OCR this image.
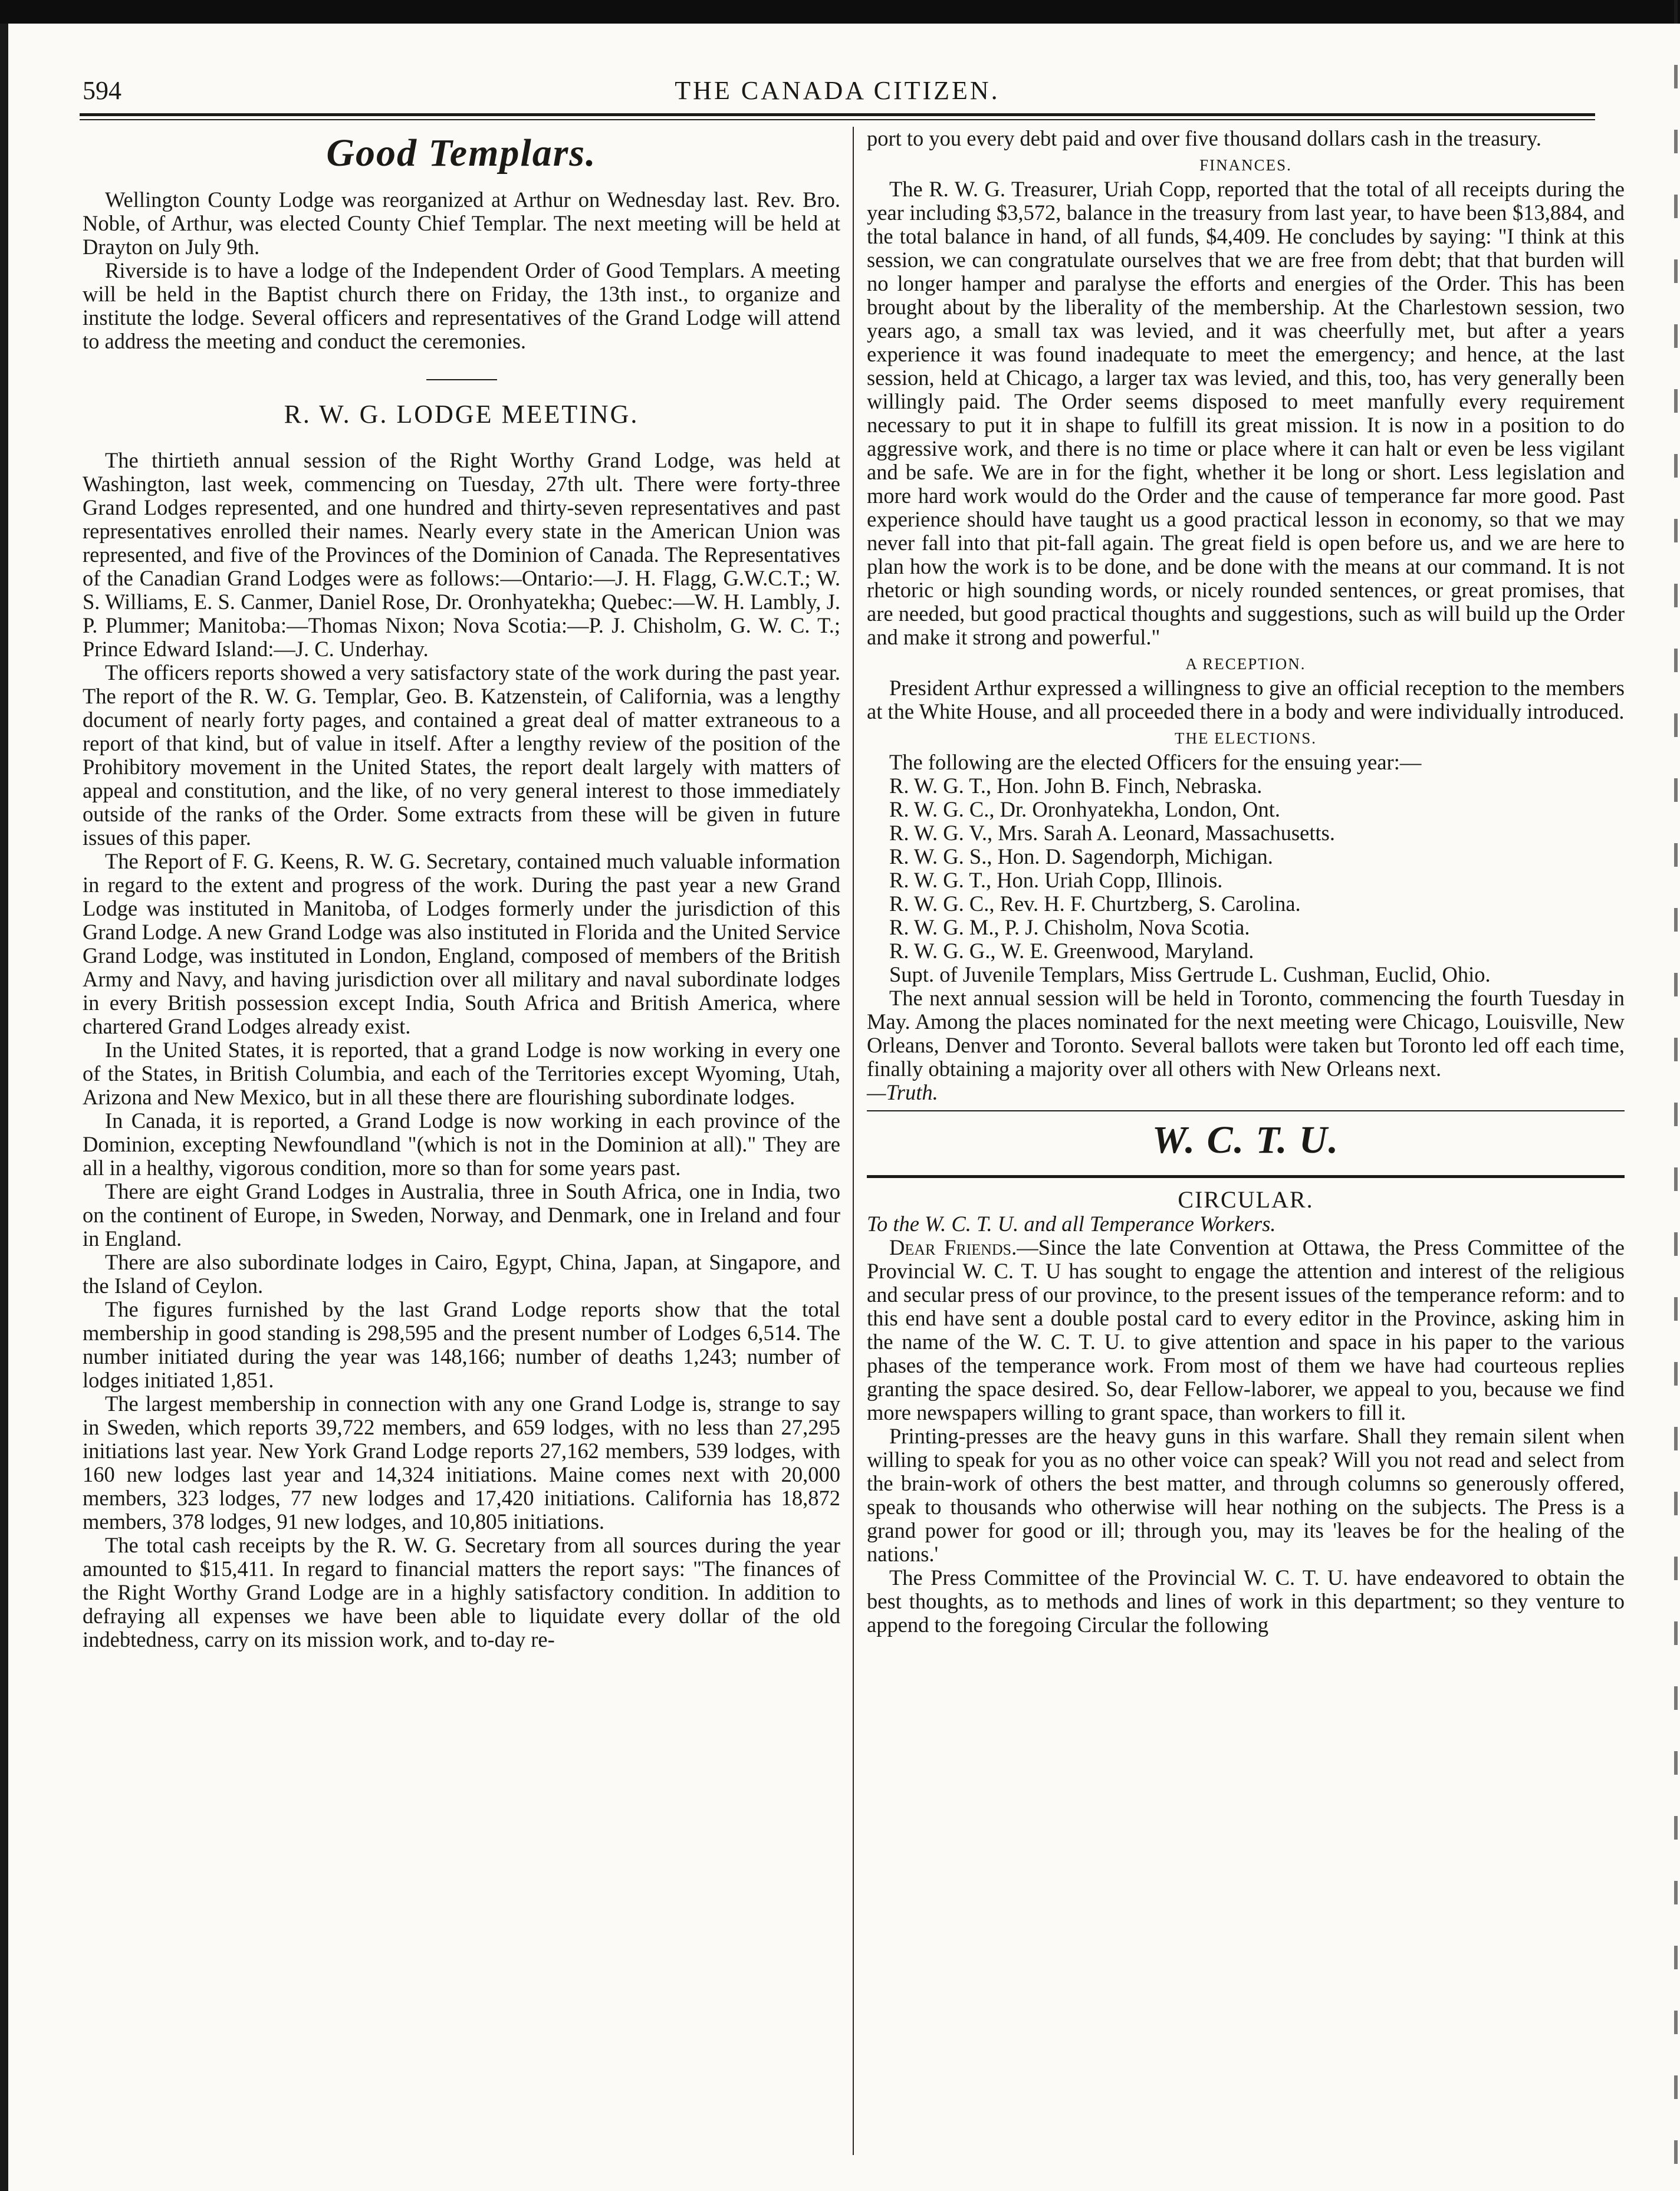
594	THE CANADA CITIZEN.
Good Templars.

Wellington County Lodge was reorganized at Arthur on Wednesday last. Rev. Bro. Noble, of Arthur, was elected County Chief Templar. The next meeting will be held at Drayton on July 9th.

Riverside is to have a lodge of the Independent Order of Good Templars. A meeting will be held in the Baptist church there on Friday, the 13th inst., to organize and institute the lodge. Several officers and representatives of the Grand Lodge will attend to address the meeting and conduct the ceremonies.

R. W. G. LODGE MEETING.

The thirtieth annual session of the Right Worthy Grand Lodge, was held at Washington, last week, commencing on Tuesday, 27th ult. There were forty-three Grand Lodges represented, and one hundred and thirty-seven representatives and past representatives enrolled their names. Nearly every state in the American Union was represented, and five of the Provinces of the Dominion of Canada. The Representatives of the Canadian Grand Lodges were as follows:—Ontario:—J. H. Flagg, G.W.C.T.; W. S. Williams, E. S. Canmer, Daniel Rose, Dr. Oronhyatekha; Quebec:—W. H. Lambly, J. P. Plummer; Manitoba:—Thomas Nixon; Nova Scotia:—P. J. Chisholm, G. W. C. T.; Prince Edward Island:—J. C. Underhay.

The officers reports showed a very satisfactory state of the work during the past year. The report of the R. W. G. Templar, Geo. B. Katzenstein, of California, was a lengthy document of nearly forty pages, and contained a great deal of matter extraneous to a report of that kind, but of value in itself. After a lengthy review of the position of the Prohibitory movement in the United States, the report dealt largely with matters of appeal and constitution, and the like, of no very general interest to those immediately outside of the ranks of the Order. Some extracts from these will be given in future issues of this paper.

The Report of F. G. Keens, R. W. G. Secretary, contained much valuable information in regard to the extent and progress of the work. During the past year a new Grand Lodge was instituted in Manitoba, of Lodges formerly under the jurisdiction of this Grand Lodge. A new Grand Lodge was also instituted in Florida and the United Service Grand Lodge, was instituted in London, England, composed of members of the British Army and Navy, and having jurisdiction over all military and naval subordinate lodges in every British possession except India, South Africa and British America, where chartered Grand Lodges already exist.

In the United States, it is reported, that a grand Lodge is now working in every one of the States, in British Columbia, and each of the Territories except Wyoming, Utah, Arizona and New Mexico, but in all these there are flourishing subordinate lodges.

In Canada, it is reported, a Grand Lodge is now working in each province of the Dominion, excepting Newfoundland "(which is not in the Dominion at all)." They are all in a healthy, vigorous condition, more so than for some years past.

There are eight Grand Lodges in Australia, three in South Africa, one in India, two on the continent of Europe, in Sweden, Norway, and Denmark, one in Ireland and four in England.

There are also subordinate lodges in Cairo, Egypt, China, Japan, at Singapore, and the Island of Ceylon.

The figures furnished by the last Grand Lodge reports show that the total membership in good standing is 298,595 and the present number of Lodges 6,514. The number initiated during the year was 148,166; number of deaths 1,243; number of lodges initiated 1,851.

The largest membership in connection with any one Grand Lodge is, strange to say in Sweden, which reports 39,722 members, and 659 lodges, with no less than 27,295 initiations last year. New York Grand Lodge reports 27,162 members, 539 lodges, with 160 new lodges last year and 14,324 initiations. Maine comes next with 20,000 members, 323 lodges, 77 new lodges and 17,420 initiations. California has 18,872 members, 378 lodges, 91 new lodges, and 10,805 initiations.

The total cash receipts by the R. W. G. Secretary from all sources during the year amounted to $15,411. In regard to financial matters the report says: "The finances of the Right Worthy Grand Lodge are in a highly satisfactory condition. In addition to defraying all expenses we have been able to liquidate every dollar of the old indebtedness, carry on its mission work, and to-day re-

port to you every debt paid and over five thousand dollars cash in the treasury.

FINANCES.

The R. W. G. Treasurer, Uriah Copp, reported that the total of all receipts during the year including $3,572, balance in the treasury from last year, to have been $13,884, and the total balance in hand, of all funds, $4,409. He concludes by saying: "I think at this session, we can congratulate ourselves that we are free from debt; that that burden will no longer hamper and paralyse the efforts and energies of the Order. This has been brought about by the liberality of the membership. At the Charlestown session, two years ago, a small tax was levied, and it was cheerfully met, but after a years experience it was found inadequate to meet the emergency; and hence, at the last session, held at Chicago, a larger tax was levied, and this, too, has very generally been willingly paid. The Order seems disposed to meet manfully every requirement necessary to put it in shape to fulfill its great mission. It is now in a position to do aggressive work, and there is no time or place where it can halt or even be less vigilant and be safe. We are in for the fight, whether it be long or short. Less legislation and more hard work would do the Order and the cause of temperance far more good. Past experience should have taught us a good practical lesson in economy, so that we may never fall into that pit-fall again. The great field is open before us, and we are here to plan how the work is to be done, and be done with the means at our command. It is not rhetoric or high sounding words, or nicely rounded sentences, or great promises, that are needed, but good practical thoughts and suggestions, such as will build up the Order and make it strong and powerful."

A RECEPTION.

President Arthur expressed a willingness to give an official reception to the members at the White House, and all proceeded there in a body and were individually introduced.

THE ELECTIONS.

The following are the elected Officers for the ensuing year:—

R. W. G. T., Hon. John B. Finch, Nebraska.
R. W. G. C., Dr. Oronhyatekha, London, Ont.
R. W. G. V., Mrs. Sarah A. Leonard, Massachusetts.
R. W. G. S., Hon. D. Sagendorph, Michigan.
R. W. G. T., Hon. Uriah Copp, Illinois.
R. W. G. C., Rev. H. F. Churtzberg, S. Carolina.
R. W. G. M., P. J. Chisholm, Nova Scotia.
R. W. G. G., W. E. Greenwood, Maryland.

Supt. of Juvenile Templars, Miss Gertrude L. Cushman, Euclid, Ohio.

The next annual session will be held in Toronto, commencing the fourth Tuesday in May. Among the places nominated for the next meeting were Chicago, Louisville, New Orleans, Denver and Toronto. Several ballots were taken but Toronto led off each time, finally obtaining a majority over all others with New Orleans next.

—Truth.

W. C. T. U.
CIRCULAR.

To the W. C. T. U. and all Temperance Workers.

Dear Friends.—Since the late Convention at Ottawa, the Press Committee of the Provincial W. C. T. U has sought to engage the attention and interest of the religious and secular press of our province, to the present issues of the temperance reform: and to this end have sent a double postal card to every editor in the Province, asking him in the name of the W. C. T. U. to give attention and space in his paper to the various phases of the temperance work. From most of them we have had courteous replies granting the space desired. So, dear Fellow-laborer, we appeal to you, because we find more newspapers willing to grant space, than workers to fill it.

Printing-presses are the heavy guns in this warfare. Shall they remain silent when willing to speak for you as no other voice can speak? Will you not read and select from the brain-work of others the best matter, and through columns so generously offered, speak to thousands who otherwise will hear nothing on the subjects. The Press is a grand power for good or ill; through you, may its 'leaves be for the healing of the nations.'

The Press Committee of the Provincial W. C. T. U. have endeavored to obtain the best thoughts, as to methods and lines of work in this department; so they venture to append to the foregoing Circular the following
